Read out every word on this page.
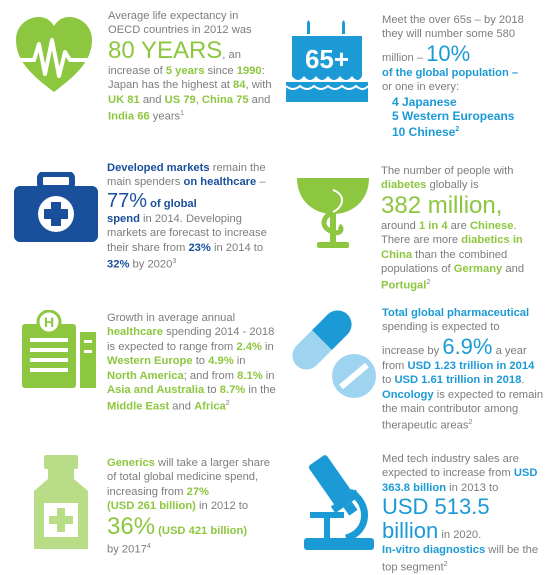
Average life expectancy in OECD countries in 2012 was
80 YEARS, an increase of 5 years since 1990: Japan has the highest at 84, with UK 81 and US 79, China 75 and India 66 years$^1$
65+
Meet the over 65s – by 2018 they will number some 580 million – 10%
of the global population –
or one in every:
4 Japanese
5 Western Europeans
10 Chinese$^2$
Developed markets remain the main spenders on healthcare – 77% of global
spend in 2014. Developing markets are forecast to increase their share from 23% in 2014 to 32% by 2020$^3$
The number of people with
diabetes globally is
382 million,
around 1 in 4 are Chinese. There are more diabetics in China than the combined populations of Germany and Portugal$^2$
H	Growth in average annual healthcare spending 2014 - 2018 is expected to range from 2.4% in Western Europe to 4.9% in North America; and from 8.1% in Asia and Australia to 8.7% in the Middle East and Africa$^2$
Total global pharmaceutical spending is expected to increase by 6.9% a year from USD 1.23 trillion in 2014 to USD 1.61 trillion in 2018. Oncology is expected to remain the main contributor among therapeutic areas$^2$
Generics will take a larger share of total global medicine spend, increasing from 27%
(USD 261 billion) in 2012 to
36% (USD 421 billion)
by 2017$^4$
Med tech industry sales are expected to increase from USD 363.8 billion in 2013 to
USD 513.5 billion in 2020.
In-vitro diagnostics will be the top segment$^2$
